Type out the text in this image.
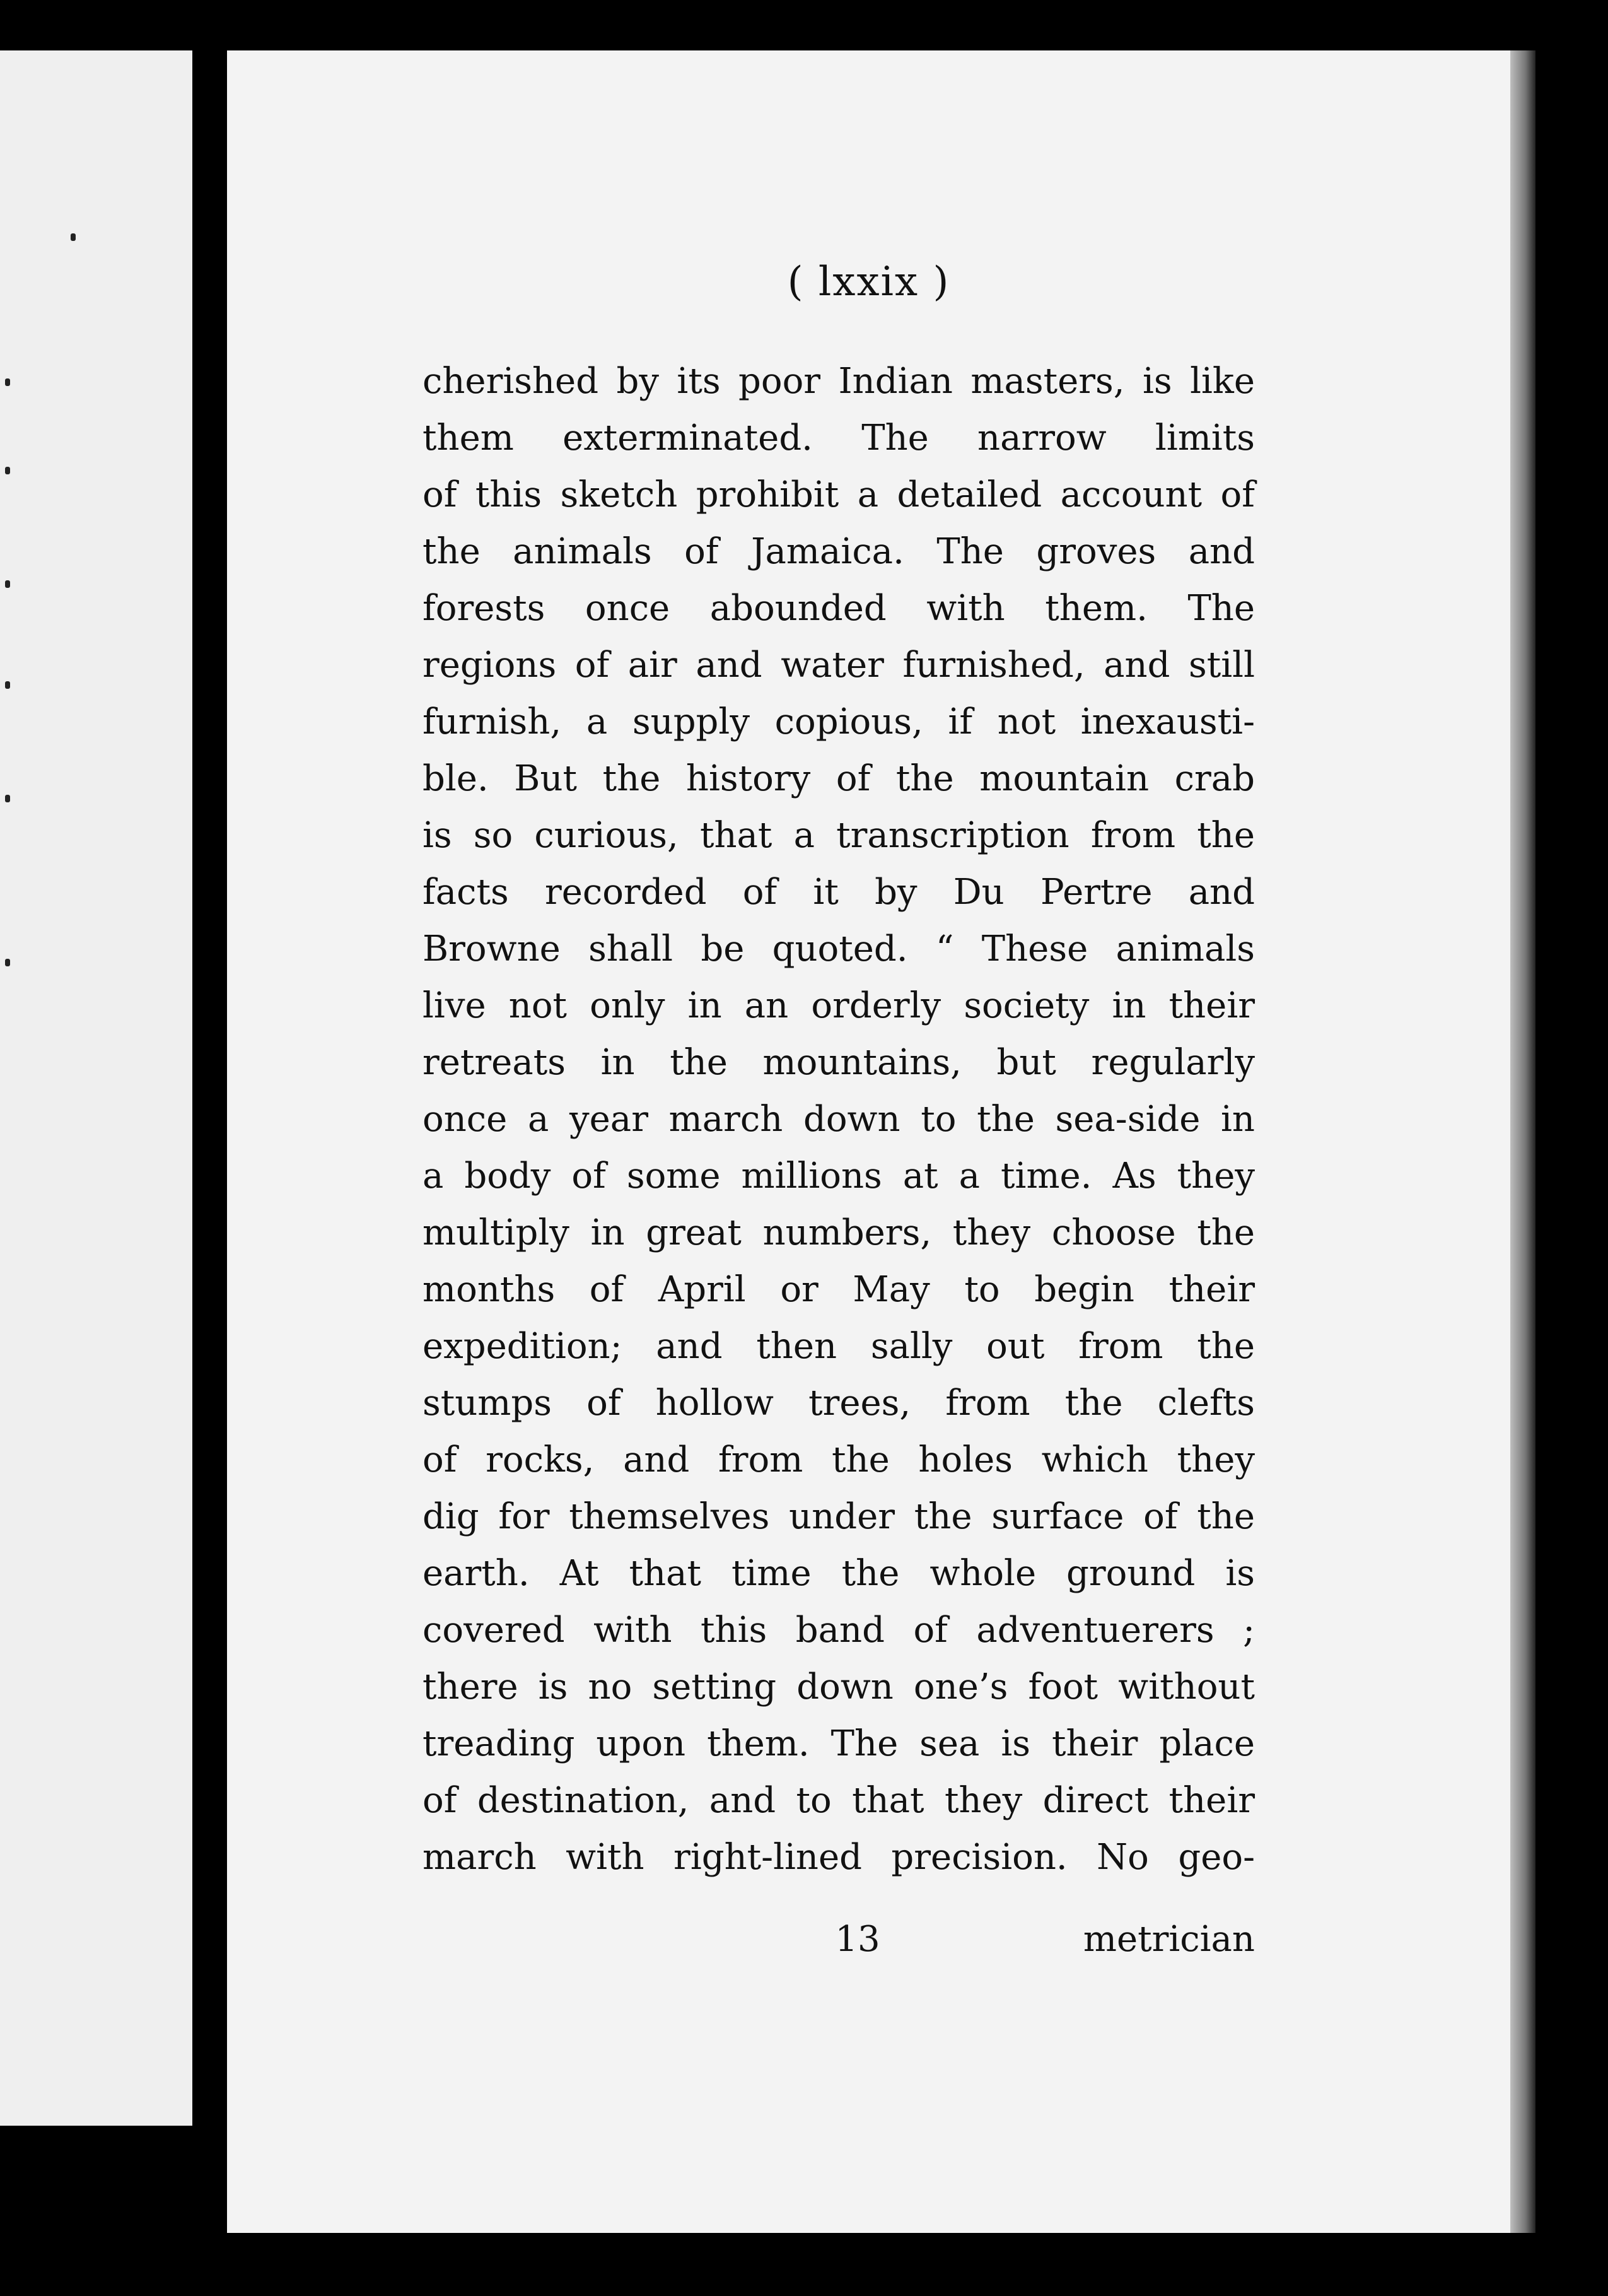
( lxxix )
cherished by its poor Indian masters, is like
them exterminated. The narrow limits
of this sketch prohibit a detailed account of
the animals of Jamaica. The groves and
forests once abounded with them. The
regions of air and water furnished, and still
furnish, a supply copious, if not inexausti-
ble. But the history of the mountain crab
is so curious, that a transcription from the
facts recorded of it by Du Pertre and
Browne shall be quoted. “ These animals
live not only in an orderly society in their
retreats in the mountains, but regularly
once a year march down to the sea-side in
a body of some millions at a time. As they
multiply in great numbers, they choose the
months of April or May to begin their
expedition; and then sally out from the
stumps of hollow trees, from the clefts
of rocks, and from the holes which they
dig for themselves under the surface of the
earth. At that time the whole ground is
covered with this band of adventuerers ;
there is no setting down one’s foot without
treading upon them. The sea is their place
of destination, and to that they direct their
march with right-lined precision. No geo-
13	metrician
